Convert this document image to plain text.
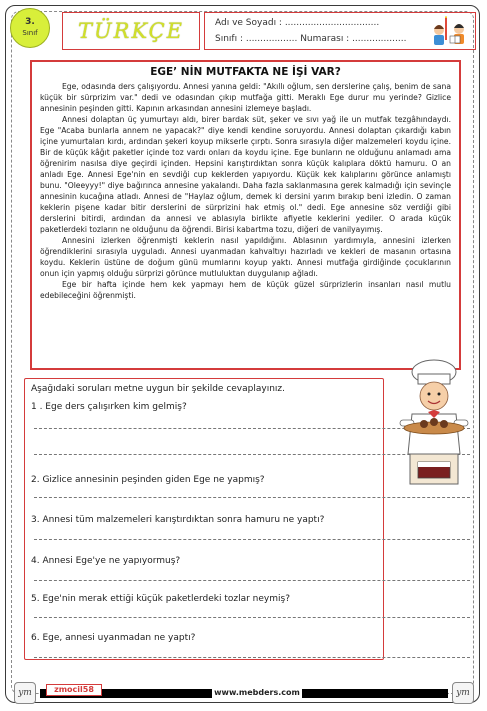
3.
Sınıf	TÜRKÇE	Adı ve Soyadı : .................................
Sınıfı : .................. Numarası : ...................
EGE’ NİN MUTFAKTA NE İŞİ VAR?

Ege, odasında ders çalışıyordu. Annesi yanına geldi: "Akıllı oğlum, sen derslerine çalış, benim de sana küçük bir sürprizim var." dedi ve odasından çıkıp mutfağa gitti. Meraklı Ege durur mu yerinde? Gizlice annesinin peşinden gitti. Kapının arkasından annesini izlemeye başladı.

Annesi dolaptan üç yumurtayı aldı, birer bardak süt, şeker ve sıvı yağ ile un mutfak tezgâhındaydı. Ege "Acaba bunlarla annem ne yapacak?" diye kendi kendine soruyordu. Annesi dolaptan çıkardığı kabın içine yumurtaları kırdı, ardından şekeri koyup mikserle çırptı. Sonra sırasıyla diğer malzemeleri koydu içine. Bir de küçük kâğıt paketler içinde toz vardı onları da koydu içine. Ege bunların ne olduğunu anlamadı ama öğrenirim nasılsa diye geçirdi içinden. Hepsini karıştırdıktan sonra küçük kalıplara döktü hamuru. O an anladı Ege. Annesi Ege'nin en sevdiği cup keklerden yapıyordu. Küçük kek kalıplarını görünce anlamıştı bunu. "Oleeyyy!" diye bağırınca annesine yakalandı. Daha fazla saklanmasına gerek kalmadığı için sevinçle annesinin kucağına atladı. Annesi de "Haylaz oğlum, demek ki dersini yarım bırakıp beni izledin. O zaman keklerin pişene kadar bitir derslerini de sürprizini hak etmiş ol." dedi. Ege annesine söz verdiği gibi derslerini bitirdi, ardından da annesi ve ablasıyla birlikte afiyetle keklerini yediler. O arada küçük paketlerdeki tozların ne olduğunu da öğrendi. Birisi kabartma tozu, diğeri de vanilyayımış.

Annesini izlerken öğrenmişti keklerin nasıl yapıldığını. Ablasının yardımıyla, annesini izlerken öğrendiklerini sırasıyla uyguladı. Annesi uyanmadan kahvaltıyı hazırladı ve kekleri de masanın ortasına koydu. Keklerin üstüne de doğum günü mumlarını koyup yaktı. Annesi mutfağa girdiğinde çocuklarının onun için yapmış olduğu sürprizi görünce mutluluktan duygulanıp ağladı.

Ege bir hafta içinde hem kek yapmayı hem de küçük güzel sürprizlerin insanları nasıl mutlu edebileceğini öğrenmişti.

Aşağıdaki soruları metne uygun bir şekilde cevaplayınız.
1 . Ege ders çalışırken kim gelmiş?
2. Gizlice annesinin peşinden giden Ege ne yapmış?
3. Annesi tüm malzemeleri karıştırdıktan sonra hamuru ne yaptı?
4. Annesi Ege'ye ne yapıyormuş?
5. Ege'nin merak ettiği küçük paketlerdeki tozlar neymiş?
6. Ege, annesi uyanmadan ne yaptı?
ym	ym
zmocil58	www.mebders.com
